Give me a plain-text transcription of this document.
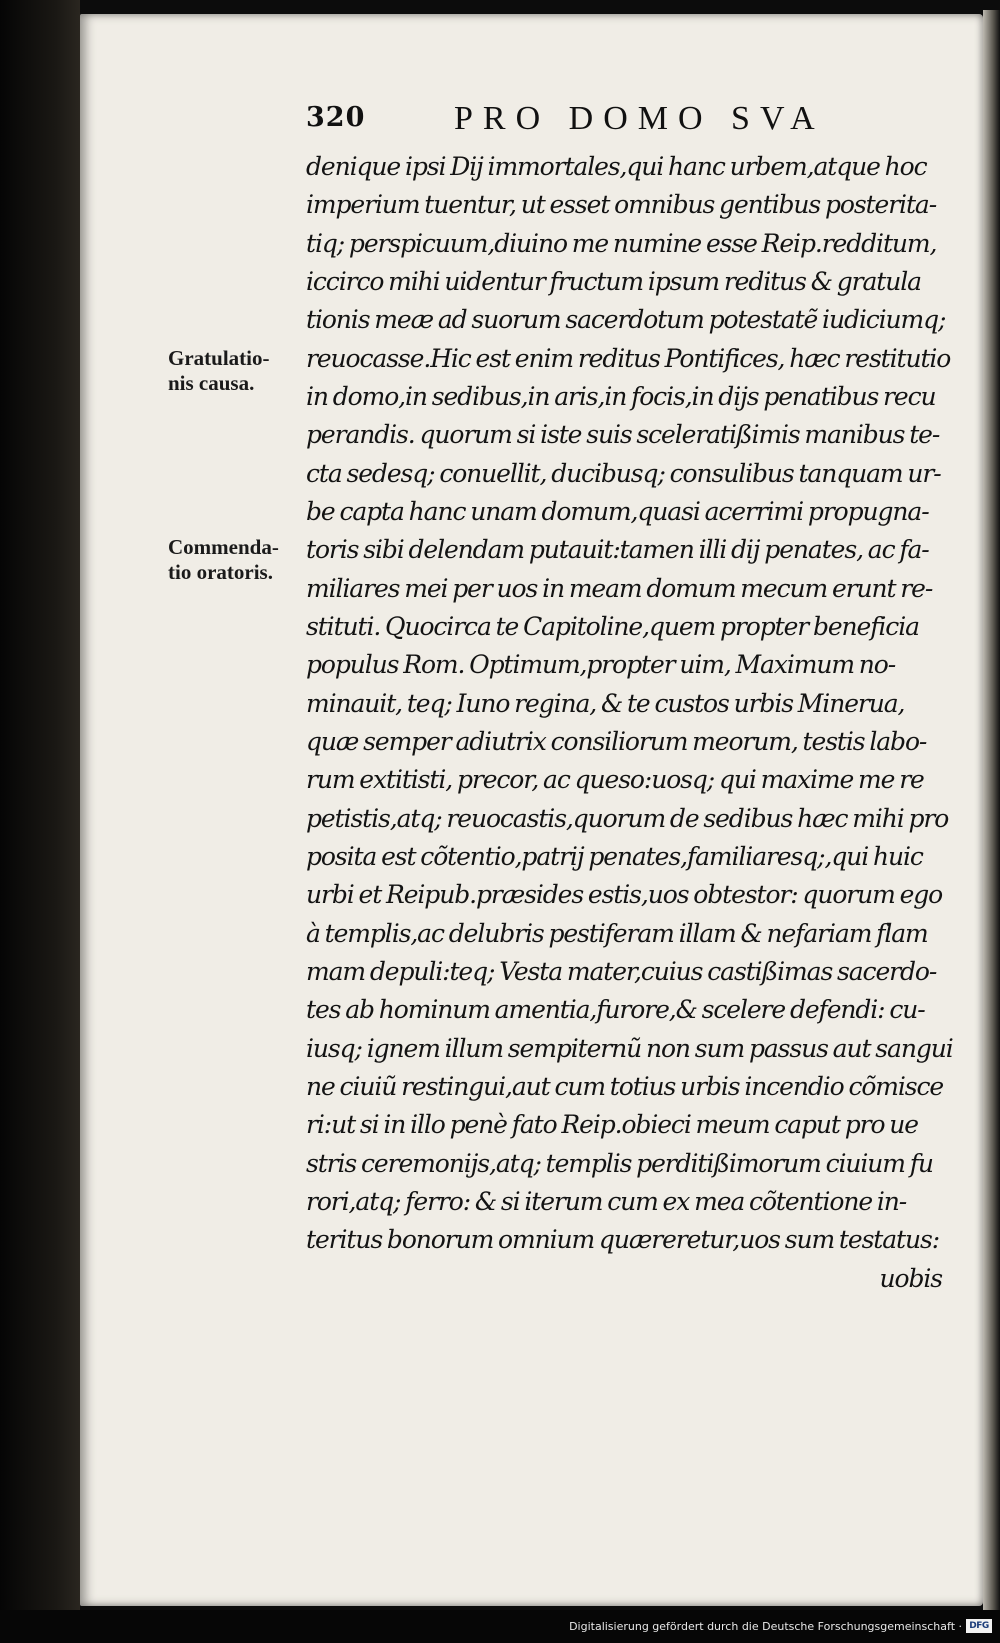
320	PRO DOMO SVA
Gratulatio-
nis causa.
Commenda-
tio oratoris.
denique ipsi Dij immortales,qui hanc urbem,atque hoc
imperium tuentur, ut esset omnibus gentibus posterita-
tiq; perspicuum,diuino me numine esse Reip.redditum,
iccirco mihi uidentur fructum ipsum reditus & gratula
tionis meæ ad suorum sacerdotum potestatẽ iudiciumq;
reuocasse.Hic est enim reditus Pontifices, hæc restitutio
in domo,in sedibus,in aris,in focis,in dijs penatibus recu
perandis. quorum si iste suis sceleratißimis manibus te-
cta sedesq; conuellit, ducibusq; consulibus tanquam ur-
be capta hanc unam domum,quasi acerrimi propugna-
toris sibi delendam putauit:tamen illi dij penates, ac fa-
miliares mei per uos in meam domum mecum erunt re-
stituti. Quocirca te Capitoline,quem propter beneficia
populus Rom. Optimum,propter uim, Maximum no-
minauit, teq; Iuno regina, & te custos urbis Minerua,
quæ semper adiutrix consiliorum meorum, testis labo-
rum extitisti, precor, ac queso:uosq; qui maxime me re
petistis,atq; reuocastis,quorum de sedibus hæc mihi pro
posita est cõtentio,patrij penates,familiaresq;,qui huic
urbi et Reipub.præsides estis,uos obtestor: quorum ego
à templis,ac delubris pestiferam illam & nefariam flam
mam depuli:teq; Vesta mater,cuius castißimas sacerdo-
tes ab hominum amentia,furore,& scelere defendi: cu-
iusq; ignem illum sempiternũ non sum passus aut sangui
ne ciuiũ restingui,aut cum totius urbis incendio cõmisce
ri:ut si in illo penè fato Reip.obieci meum caput pro ue
stris ceremonijs,atq; templis perditißimorum ciuium fu
rori,atq; ferro: & si iterum cum ex mea cõtentione in-
teritus bonorum omnium quæreretur,uos sum testatus:
uobis
Digitalisierung gefördert durch die Deutsche Forschungsgemeinschaft · DFG
